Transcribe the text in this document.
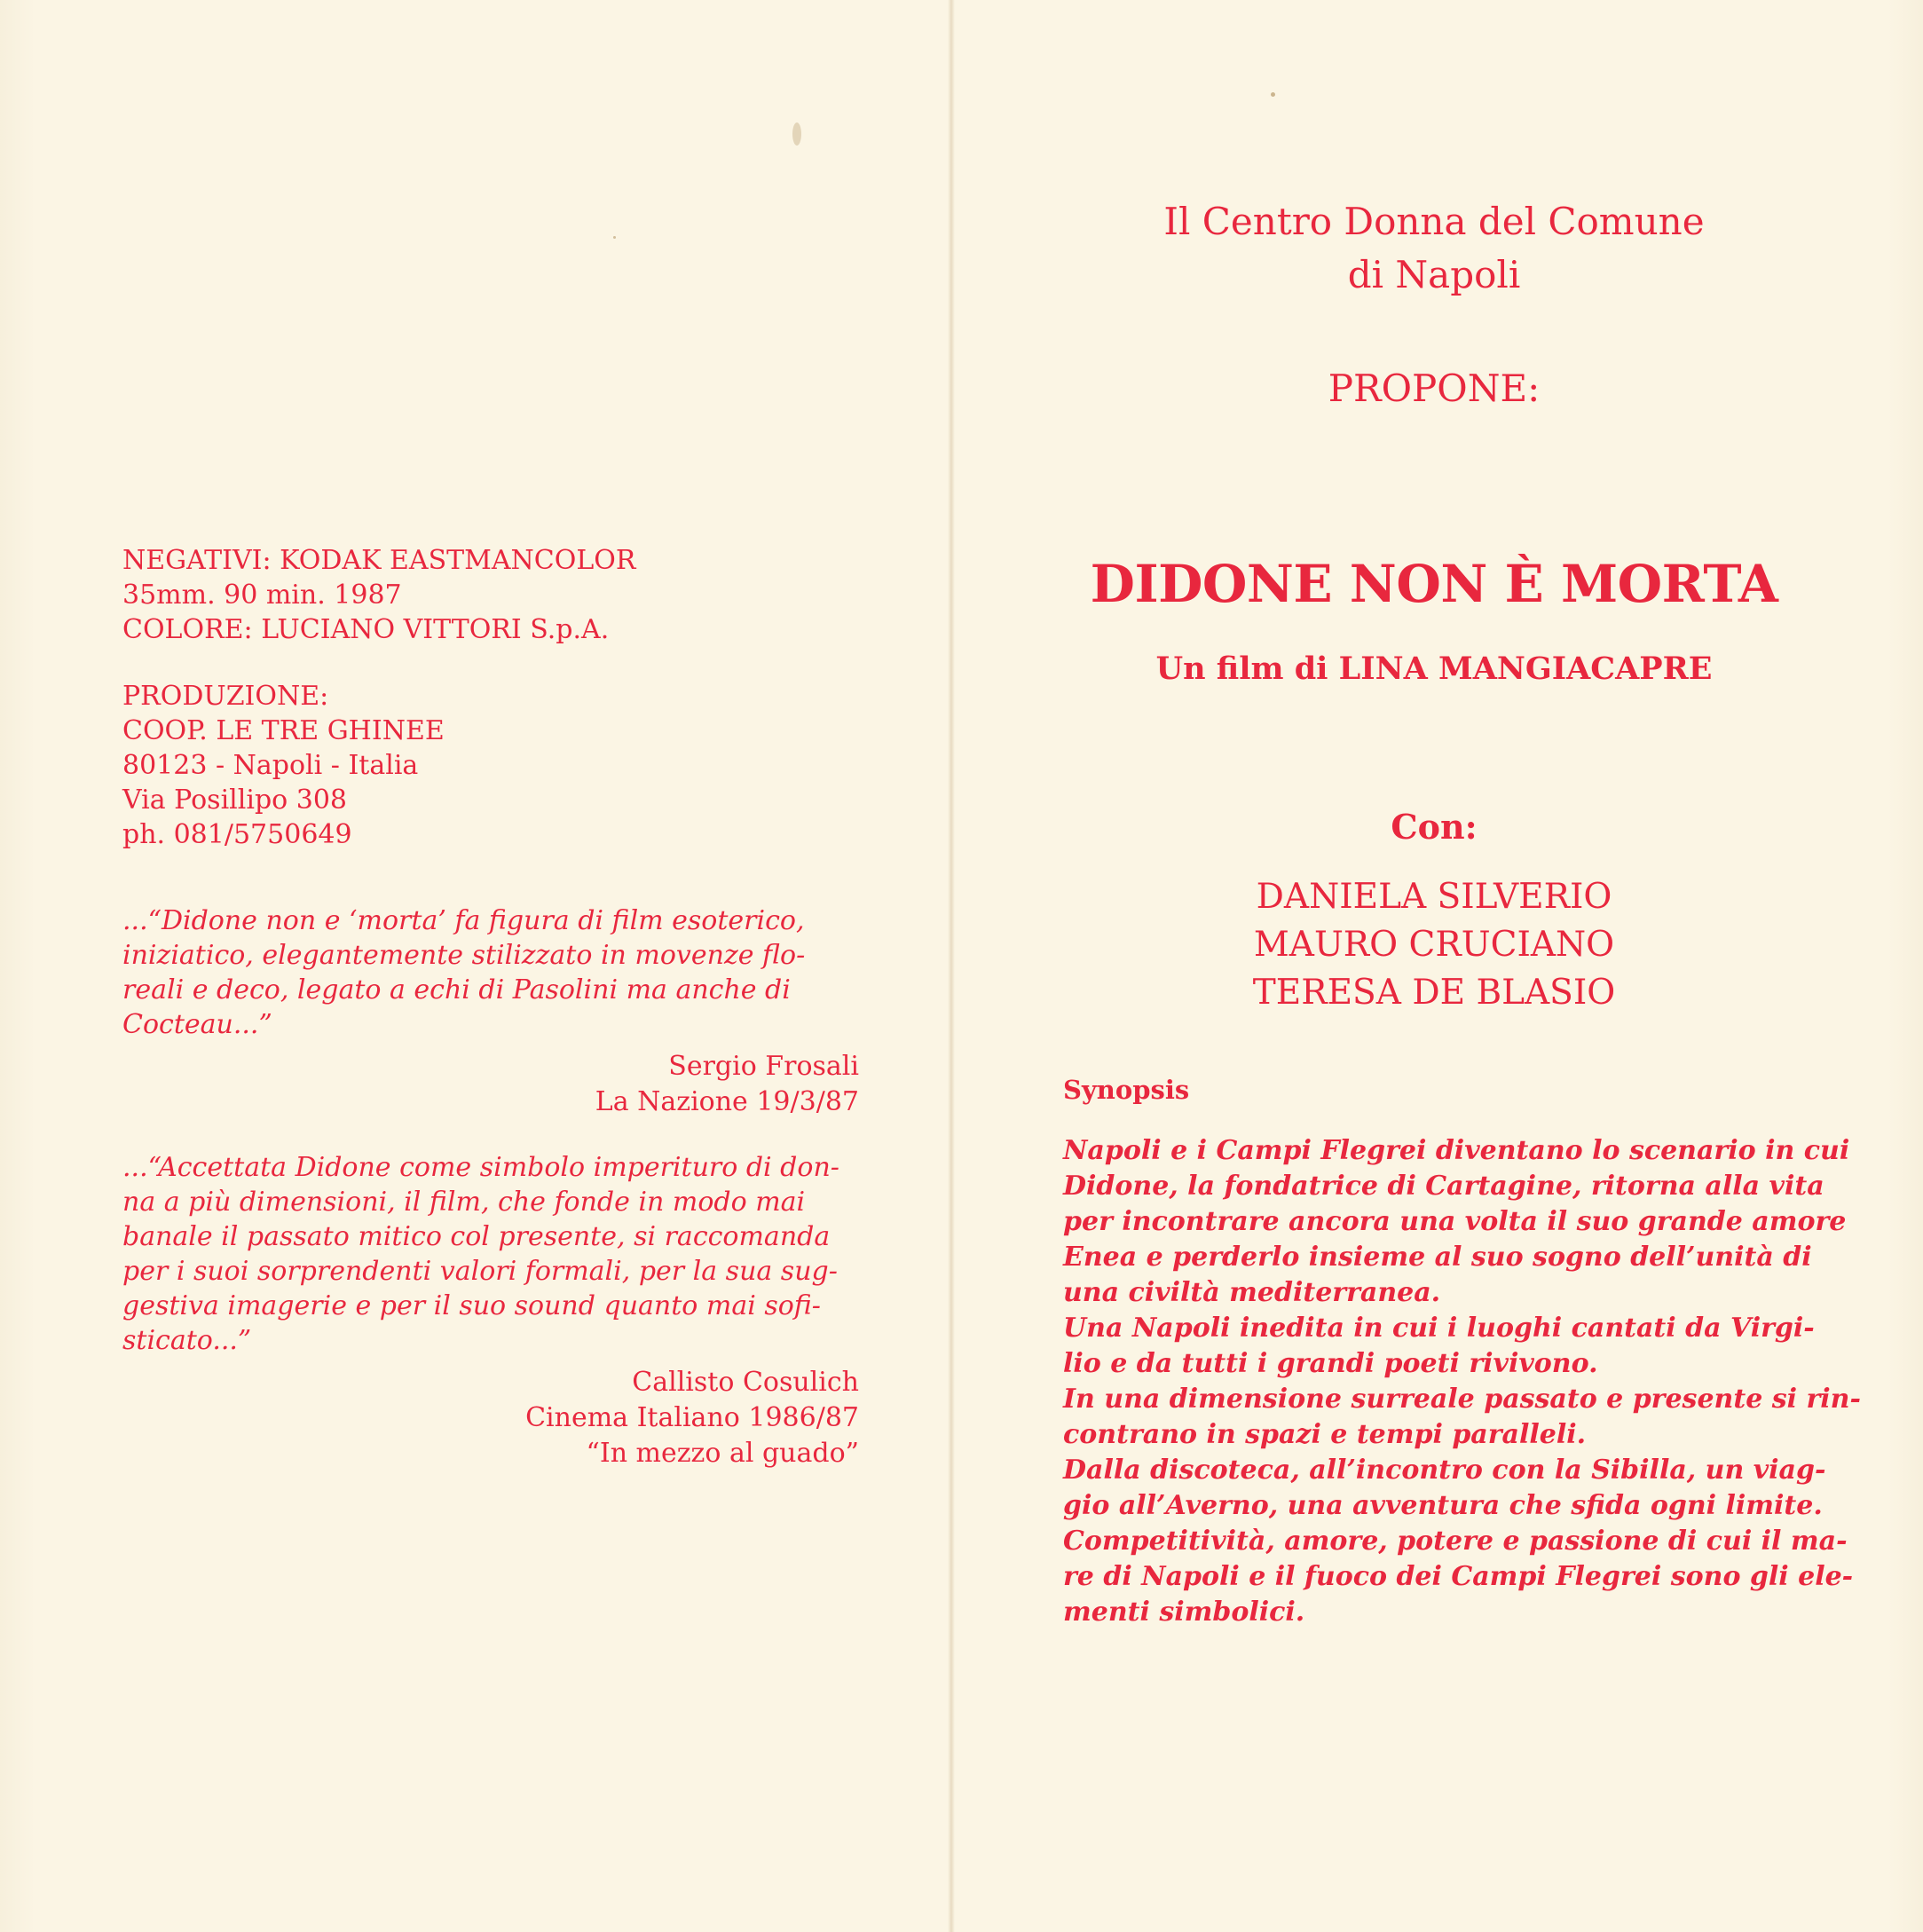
NEGATIVI: KODAK EASTMANCOLOR
35mm. 90 min. 1987
COLORE: LUCIANO VITTORI S.p.A.
PRODUZIONE:
COOP. LE TRE GHINEE
80123 - Napoli - Italia
Via Posillipo 308
ph. 081/5750649
...“Didone non e ‘morta’ fa figura di film esoterico,
iniziatico, elegantemente stilizzato in movenze flo-
reali e deco, legato a echi di Pasolini ma anche di
Cocteau...”
Sergio Frosali
La Nazione 19/3/87
...“Accettata Didone come simbolo imperituro di don-
na a più dimensioni, il film, che fonde in modo mai
banale il passato mitico col presente, si raccomanda
per i suoi sorprendenti valori formali, per la sua sug-
gestiva imagerie e per il suo sound quanto mai sofi-
sticato...”
Callisto Cosulich
Cinema Italiano 1986/87
“In mezzo al guado”
Il Centro Donna del Comune
di Napoli
PROPONE:
DIDONE NON È MORTA
Un film di LINA MANGIACAPRE
Con:
DANIELA SILVERIO
MAURO CRUCIANO
TERESA DE BLASIO
Synopsis
Napoli e i Campi Flegrei diventano lo scenario in cui
Didone, la fondatrice di Cartagine, ritorna alla vita
per incontrare ancora una volta il suo grande amore
Enea e perderlo insieme al suo sogno dell’unità di
una civiltà mediterranea.
Una Napoli inedita in cui i luoghi cantati da Virgi-
lio e da tutti i grandi poeti rivivono.
In una dimensione surreale passato e presente si rin-
contrano in spazi e tempi paralleli.
Dalla discoteca, all’incontro con la Sibilla, un viag-
gio all’Averno, una avventura che sfida ogni limite.
Competitività, amore, potere e passione di cui il ma-
re di Napoli e il fuoco dei Campi Flegrei sono gli ele-
menti simbolici.
